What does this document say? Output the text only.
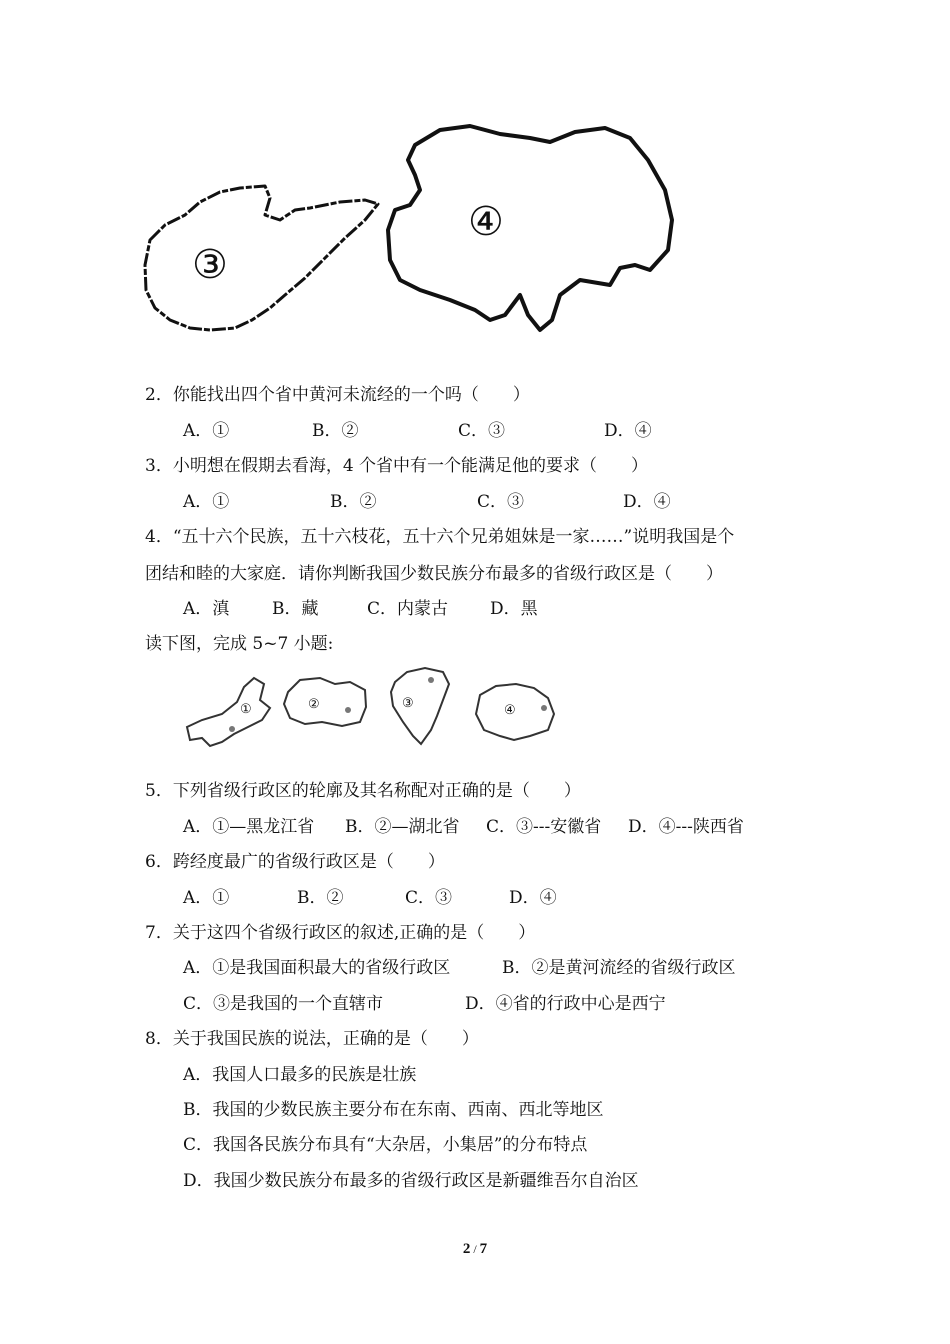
③
④
2．你能找出四个省中黄河未流经的一个吗（　　）
A．①	B．②	C．③	D．④
3．小明想在假期去看海，4 个省中有一个能满足他的要求（　　）
A．①	B．②	C．③	D．④
4．“五十六个民族，五十六枝花，五十六个兄弟姐妹是一家……”说明我国是个
团结和睦的大家庭．请你判断我国少数民族分布最多的省级行政区是（　　）
A．滇	B．藏	C．内蒙古 D．黑
读下图，完成 5~7 小题:
①	②	③	④
5．下列省级行政区的轮廓及其名称配对正确的是（　　）
A．①—黑龙江省 B．②—湖北省 C．③---安徽省 D．④---陕西省
6．跨经度最广的省级行政区是（　　）
A．①	B．②	C．③	D．④
7．关于这四个省级行政区的叙述,正确的是（　　）
A．①是我国面积最大的省级行政区	B．②是黄河流经的省级行政区
C．③是我国的一个直辖市	D．④省的行政中心是西宁
8．关于我国民族的说法，正确的是（　　）
A．我国人口最多的民族是壮族
B．我国的少数民族主要分布在东南、西南、西北等地区
C．我国各民族分布具有“大杂居，小集居”的分布特点
D．我国少数民族分布最多的省级行政区是新疆维吾尔自治区
2 / 7
